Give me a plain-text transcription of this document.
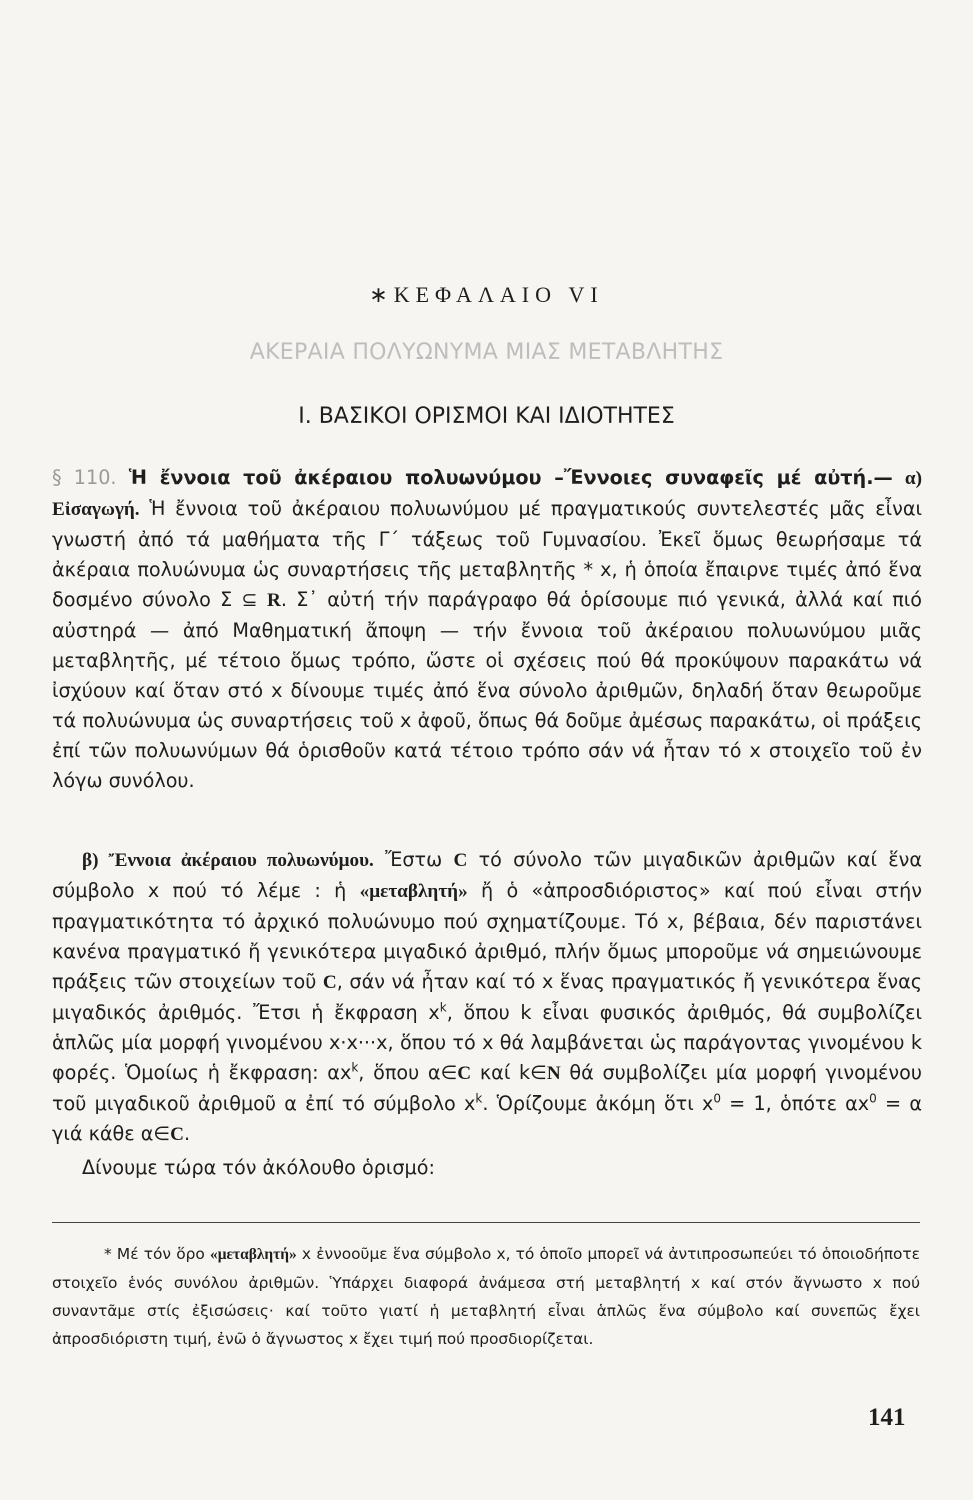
∗ΚΕΦΑΛΑΙΟ VI
ΑΚΕΡΑΙΑ ΠΟΛΥΩΝΥΜΑ ΜΙΑΣ ΜΕΤΑΒΛΗΤΗΣ
Ι. ΒΑΣΙΚΟΙ ΟΡΙΣΜΟΙ ΚΑΙ ΙΔΙΟΤΗΤΕΣ

§ 110. Ἡ ἔννοια τοῦ ἀκέραιου πολυωνύμου –Ἔννοιες συναφεῖς μέ αὐτή.— α) Εἰσαγωγή. Ἡ ἔννοια τοῦ ἀκέραιου πολυωνύμου μέ πραγματικούς συντελεστές μᾶς εἶναι γνωστή ἀπό τά μαθήματα τῆς Γ΄ τάξεως τοῦ Γυμνασίου. Ἐκεῖ ὅμως θεωρήσαμε τά ἀκέραια πολυώνυμα ὡς συναρτήσεις τῆς μεταβλητῆς * x, ἡ ὁποία ἔπαιρνε τιμές ἀπό ἕνα δοσμένο σύνολο Σ ⊆ R. Σ᾿ αὐτή τήν παράγραφο θά ὁρίσουμε πιό γενικά, ἀλλά καί πιό αὐστηρά — ἀπό Μαθηματική ἄποψη — τήν ἔννοια τοῦ ἀκέραιου πολυωνύμου μιᾶς μεταβλητῆς, μέ τέτοιο ὅμως τρόπο, ὥστε οἱ σχέσεις πού θά προκύψουν παρακάτω νά ἰσχύουν καί ὅταν στό x δίνουμε τιμές ἀπό ἕνα σύνολο ἀριθμῶν, δηλαδή ὅταν θεωροῦμε τά πολυώνυμα ὡς συναρτήσεις τοῦ x ἀφοῦ, ὅπως θά δοῦμε ἀμέσως παρακάτω, οἱ πράξεις ἐπί τῶν πολυωνύμων θά ὁρισθοῦν κατά τέτοιο τρόπο σάν νά ἦταν τό x στοιχεῖο τοῦ ἐν λόγω συνόλου.

β) Ἔννοια ἀκέραιου πολυωνύμου. Ἔστω C τό σύνολο τῶν μιγαδικῶν ἀριθμῶν καί ἕνα σύμβολο x πού τό λέμε : ἡ «μεταβλητή» ἤ ὁ «ἀπροσδιόριστος» καί πού εἶναι στήν πραγματικότητα τό ἀρχικό πολυώνυμο πού σχηματίζουμε. Τό x, βέβαια, δέν παριστάνει κανένα πραγματικό ἤ γενικότερα μιγαδικό ἀριθμό, πλήν ὅμως μποροῦμε νά σημειώνουμε πράξεις τῶν στοιχείων τοῦ C, σάν νά ἦταν καί τό x ἕνας πραγματικός ἤ γενικότερα ἕνας μιγαδικός ἀριθμός. Ἔτσι ἡ ἔκφραση $x^k$, ὅπου k εἶναι φυσικός ἀριθμός, θά συμβολίζει ἁπλῶς μία μορφή γινομένου x·x···x, ὅπου τό x θά λαμβάνεται ὡς παράγοντας γινομένου k φορές. Ὁμοίως ἡ ἔκφραση: $\alpha x^k$, ὅπου α∈C καί k∈N θά συμβολίζει μία μορφή γινομένου τοῦ μιγαδικοῦ ἀριθμοῦ α ἐπί τό σύμβολο $x^k$. Ὁρίζουμε ἀκόμη ὅτι $x^0 = 1$, ὁπότε $\alpha x^0 = \alpha$ γιά κάθε α∈C.

Δίνουμε τώρα τόν ἀκόλουθο ὁρισμό:

* Μέ τόν ὅρο «μεταβλητή» x ἐννοοῦμε ἕνα σύμβολο x, τό ὁποῖο μπορεῖ νά ἀντιπροσωπεύει τό ὁποιοδήποτε στοιχεῖο ἑνός συνόλου ἀριθμῶν. Ὑπάρχει διαφορά ἀνάμεσα στή μεταβλητή x καί στόν ἄγνωστο x πού συναντᾶμε στίς ἐξισώσεις· καί τοῦτο γιατί ἡ μεταβλητή εἶναι ἁπλῶς ἕνα σύμβολο καί συνεπῶς ἔχει ἀπροσδιόριστη τιμή, ἐνῶ ὁ ἄγνωστος x ἔχει τιμή πού προσδιορίζεται.

141
